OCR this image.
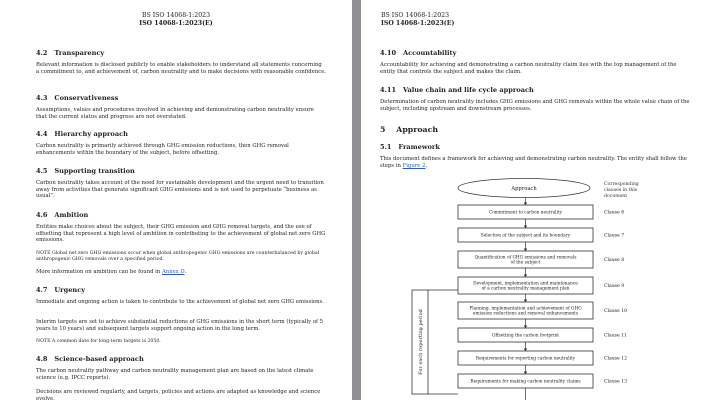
BS ISO 14068-1:2023
ISO 14068-1:2023(E)
4.2 Transparency
Relevant information is disclosed publicly to enable stakeholders to understand all statements concerning a commitment to, and achievement of, carbon neutrality and to make decisions with reasonable confidence.
4.3 Conservativeness
Assumptions, values and procedures involved in achieving and demonstrating carbon neutrality ensure that the current status and progress are not overstated.
4.4 Hierarchy approach
Carbon neutrality is primarily achieved through GHG emission reductions, then GHG removal enhancements within the boundary of the subject, before offsetting.
4.5 Supporting transition
Carbon neutrality takes account of the need for sustainable development and the urgent need to transition away from activities that generate significant GHG emissions and is not used to perpetuate “business as usual”.
4.6 Ambition
Entities make choices about the subject, their GHG emission and GHG removal targets, and the use of offsetting that represent a high level of ambition in contributing to the achievement of global net zero GHG emissions.
NOTE Global net zero GHG emissions occur when global anthropogenic GHG emissions are counterbalanced by global anthropogenic GHG removals over a specified period.
More information on ambition can be found in Annex D.
4.7 Urgency
Immediate and ongoing action is taken to contribute to the achievement of global net zero GHG emissions.
Interim targets are set to achieve substantial reductions of GHG emissions in the short term (typically of 5 years to 10 years) and subsequent targets support ongoing action in the long term.
NOTE A common date for long-term targets is 2050.
4.8 Science-based approach
The carbon neutrality pathway and carbon neutrality management plan are based on the latest climate science (e.g. IPCC reports).
Decisions are reviewed regularly, and targets, policies and actions are adapted as knowledge and science evolve.
BS ISO 14068-1:2023
ISO 14068-1:2023(E)
4.10 Accountability
Accountability for achieving and demonstrating a carbon neutrality claim lies with the top management of the entity that controls the subject and makes the claim.
4.11 Value chain and life cycle approach
Determination of carbon neutrality includes GHG emissions and GHG removals within the whole value chain of the subject, including upstream and downstream processes.
5 Approach
5.1 Framework
This document defines a framework for achieving and demonstrating carbon neutrality. The entity shall follow the steps in Figure 2.
Approach
Corresponding clauses in this document
For each reporting period
Commitment to carbon neutrality	Clause 6
Selection of the subject and its boundary	Clause 7
Quantification of GHG emissions and removals of the subject	Clause 8
Development, implementation and maintenance of a carbon neutrality management plan	Clause 9
Planning, implementation and achievement of GHG emission reductions and removal enhancements	Clause 10
Offsetting the carbon footprint	Clause 11
Requirements for reporting carbon neutrality	Clause 12
Requirements for making carbon neutrality claims	Clause 13
